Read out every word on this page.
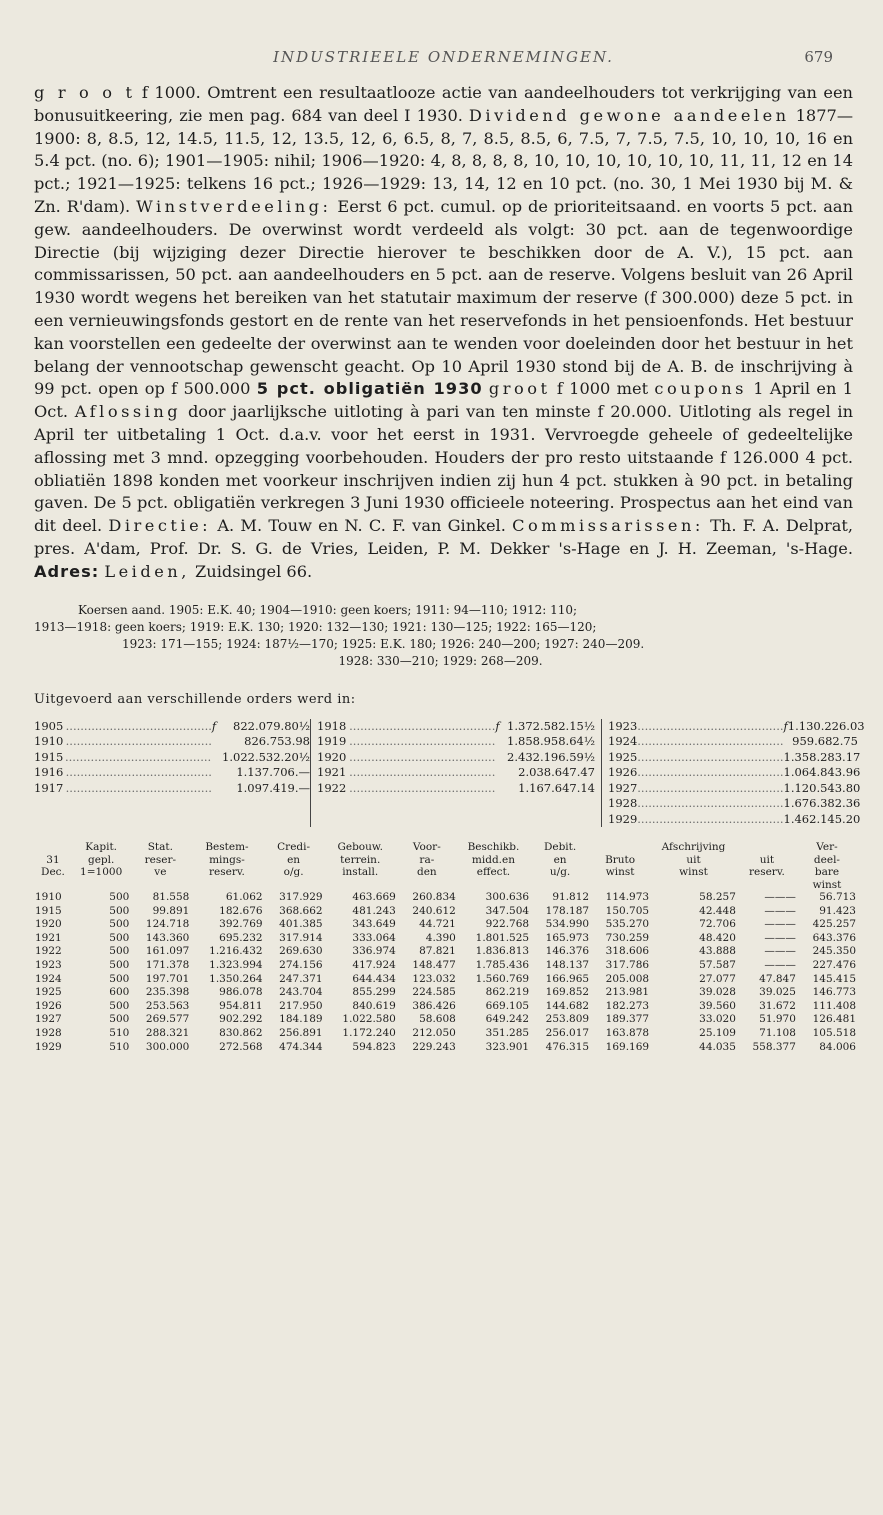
INDUSTRIEELE ONDERNEMINGEN.	679
g r o o t f 1000. Omtrent een resultaatlooze actie van aandeelhouders tot verkrijging van een bonusuitkeering, zie men pag. 684 van deel I 1930. Dividend gewone aandeelen 1877—1900: 8, 8.5, 12, 14.5, 11.5, 12, 13.5, 12, 6, 6.5, 8, 7, 8.5, 8.5, 6, 7.5, 7, 7.5, 7.5, 10, 10, 10, 16 en 5.4 pct. (no. 6); 1901—1905: nihil; 1906—1920: 4, 8, 8, 8, 8, 10, 10, 10, 10, 10, 10, 11, 11, 12 en 14 pct.; 1921—1925: telkens 16 pct.; 1926—1929: 13, 14, 12 en 10 pct. (no. 30, 1 Mei 1930 bij M. & Zn. R'dam). Winstverdeeling: Eerst 6 pct. cumul. op de prioriteitsaand. en voorts 5 pct. aan gew. aandeelhouders. De overwinst wordt verdeeld als volgt: 30 pct. aan de tegenwoordige Directie (bij wijziging dezer Directie hierover te beschikken door de A. V.), 15 pct. aan commissarissen, 50 pct. aan aandeelhouders en 5 pct. aan de reserve. Volgens besluit van 26 April 1930 wordt wegens het bereiken van het statutair maximum der reserve (f 300.000) deze 5 pct. in een vernieuwingsfonds gestort en de rente van het reservefonds in het pensioenfonds. Het bestuur kan voorstellen een gedeelte der overwinst aan te wenden voor doeleinden door het bestuur in het belang der vennootschap gewenscht geacht. Op 10 April 1930 stond bij de A. B. de inschrijving à 99 pct. open op f 500.000 5 pct. obligatiën 1930 groot f 1000 met coupons 1 April en 1 Oct. Aflossing door jaarlijksche uitloting à pari van ten minste f 20.000. Uitloting als regel in April ter uitbetaling 1 Oct. d.a.v. voor het eerst in 1931. Vervroegde geheele of gedeeltelijke aflossing met 3 mnd. opzegging voorbehouden. Houders der pro resto uitstaande f 126.000 4 pct. obliatiën 1898 konden met voorkeur inschrijven indien zij hun 4 pct. stukken à 90 pct. in betaling gaven. De 5 pct. obligatiën verkregen 3 Juni 1930 officieele noteering. Prospectus aan het eind van dit deel. Directie: A. M. Touw en N. C. F. van Ginkel. Commissarissen: Th. F. A. Delprat, pres. A'dam, Prof. Dr. S. G. de Vries, Leiden, P. M. Dekker 's-Hage en J. H. Zeeman, 's-Hage. Adres: Leiden, Zuidsingel 66.
Koersen aand. 1905: E.K. 40; 1904—1910: geen koers; 1911: 94—110; 1912: 110;
1913—1918: geen koers; 1919: E.K. 130; 1920: 132—130; 1921: 130—125; 1922: 165—120;
1923: 171—155; 1924: 187½—170; 1925: E.K. 180; 1926: 240—200; 1927: 240—209.
1928: 330—210; 1929: 268—209.
Uitgevoerd aan verschillende orders werd in:
1905 ........................................ f	822.079.80½
1910 ........................................	826.753.98
1915 ........................................ 1.022.532.20½
1916 ........................................	1.137.706.—
1917 ........................................	1.097.419.—
1918 ........................................ f 1.372.582.15½
1919 ........................................ 1.858.958.64½
1920 ........................................ 2.432.196.59½
1921 ........................................	2.038.647.47
1922 ........................................	1.167.647.14
1923 ........................................ f 1.130.226.03
1924 ........................................ 959.682.75
1925 ........................................ 1.358.283.17
1926 ........................................ 1.064.843.96
1927 ........................................ 1.120.543.80
1928 ........................................ 1.676.382.36
1929 ........................................ 1.462.145.20
	Kapit.	Stat.	Bestem-	Credi-	Gebouw.	Voor-	Beschikb.	Debit.		Afschrijving		Ver-
31	gepl.	reser-	mings-	en	terrein.	ra-	midd.en	en	Bruto	uit	uit	deel-
Dec.	1=1000	ve	reserv.	o/g.	install.	den	effect.	u/g.	winst	winst	reserv.	bare
												winst
1910	500	81.558	61.062	317.929	463.669	260.834	300.636	91.812	114.973	58.257	———	56.713
1915	500	99.891	182.676	368.662	481.243	240.612	347.504	178.187	150.705	42.448	———	91.423
1920	500	124.718	392.769	401.385	343.649	44.721	922.768	534.990	535.270	72.706	———	425.257
1921	500	143.360	695.232	317.914	333.064	4.390	1.801.525	165.973	730.259	48.420	———	643.376
1922	500	161.097	1.216.432	269.630	336.974	87.821	1.836.813	146.376	318.606	43.888	———	245.350
1923	500	171.378	1.323.994	274.156	417.924	148.477	1.785.436	148.137	317.786	57.587	———	227.476
1924	500	197.701	1.350.264	247.371	644.434	123.032	1.560.769	166.965	205.008	27.077	47.847	145.415
1925	600	235.398	986.078	243.704	855.299	224.585	862.219	169.852	213.981	39.028	39.025	146.773
1926	500	253.563	954.811	217.950	840.619	386.426	669.105	144.682	182.273	39.560	31.672	111.408
1927	500	269.577	902.292	184.189	1.022.580	58.608	649.242	253.809	189.377	33.020	51.970	126.481
1928	510	288.321	830.862	256.891	1.172.240	212.050	351.285	256.017	163.878	25.109	71.108	105.518
1929	510	300.000	272.568	474.344	594.823	229.243	323.901	476.315	169.169	44.035	558.377	84.006
